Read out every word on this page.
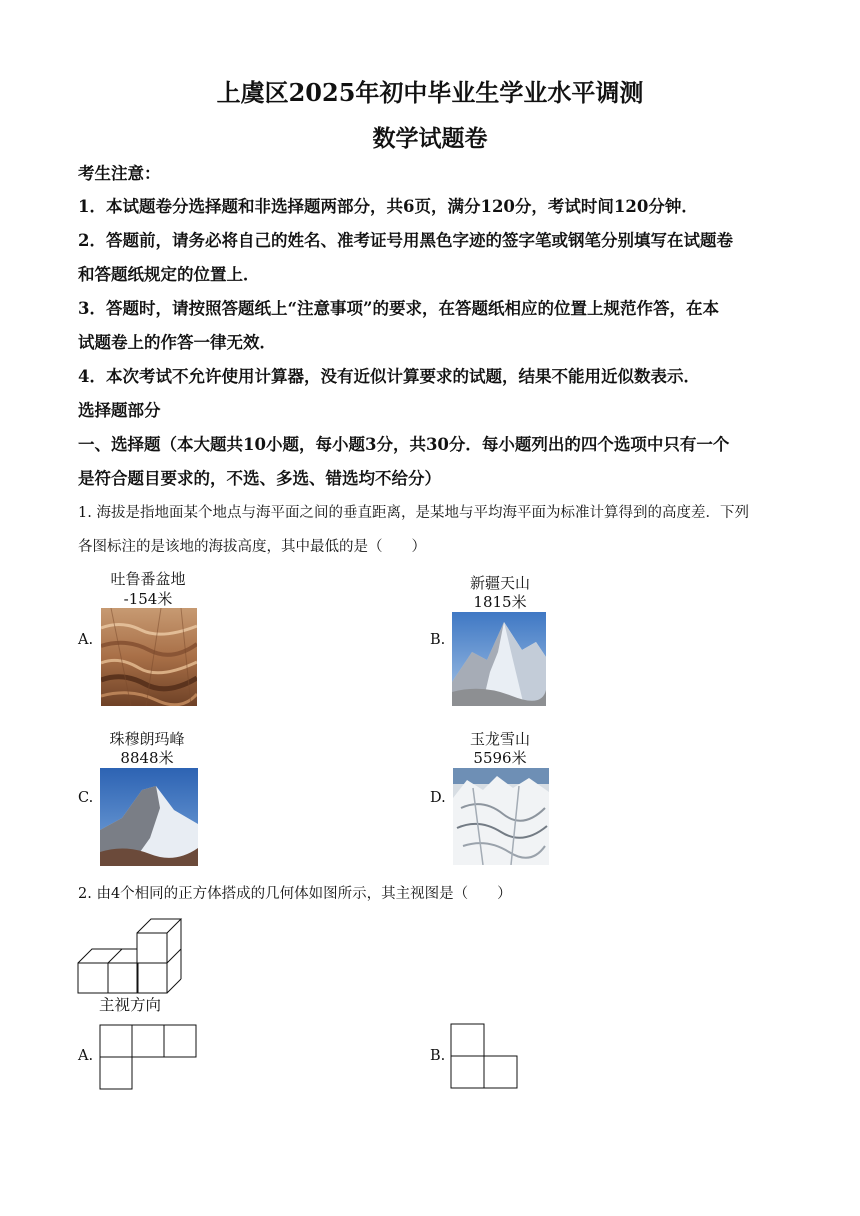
上虞区2025年初中毕业生学业水平调测
数学试题卷
考生注意：
1．本试题卷分选择题和非选择题两部分，共6页，满分120分，考试时间120分钟．
2．答题前，请务必将自己的姓名、准考证号用黑色字迹的签字笔或钢笔分别填写在试题卷
和答题纸规定的位置上．
3．答题时，请按照答题纸上“注意事项”的要求，在答题纸相应的位置上规范作答，在本
试题卷上的作答一律无效．
4．本次考试不允许使用计算器，没有近似计算要求的试题，结果不能用近似数表示．
选择题部分
一、选择题（本大题共10小题，每小题3分，共30分．每小题列出的四个选项中只有一个
是符合题目要求的，不选、多选、错选均不给分）
1. 海拔是指地面某个地点与海平面之间的垂直距离，是某地与平均海平面为标准计算得到的高度差．下列
各图标注的是该地的海拔高度，其中最低的是（　　）
A.
吐鲁番盆地
-154米
B.
新疆天山
1815米
C.
珠穆朗玛峰
8848米
D.
玉龙雪山
5596米
2. 由4个相同的正方体搭成的几何体如图所示，其主视图是（　　）
主视方向
A.	B.
